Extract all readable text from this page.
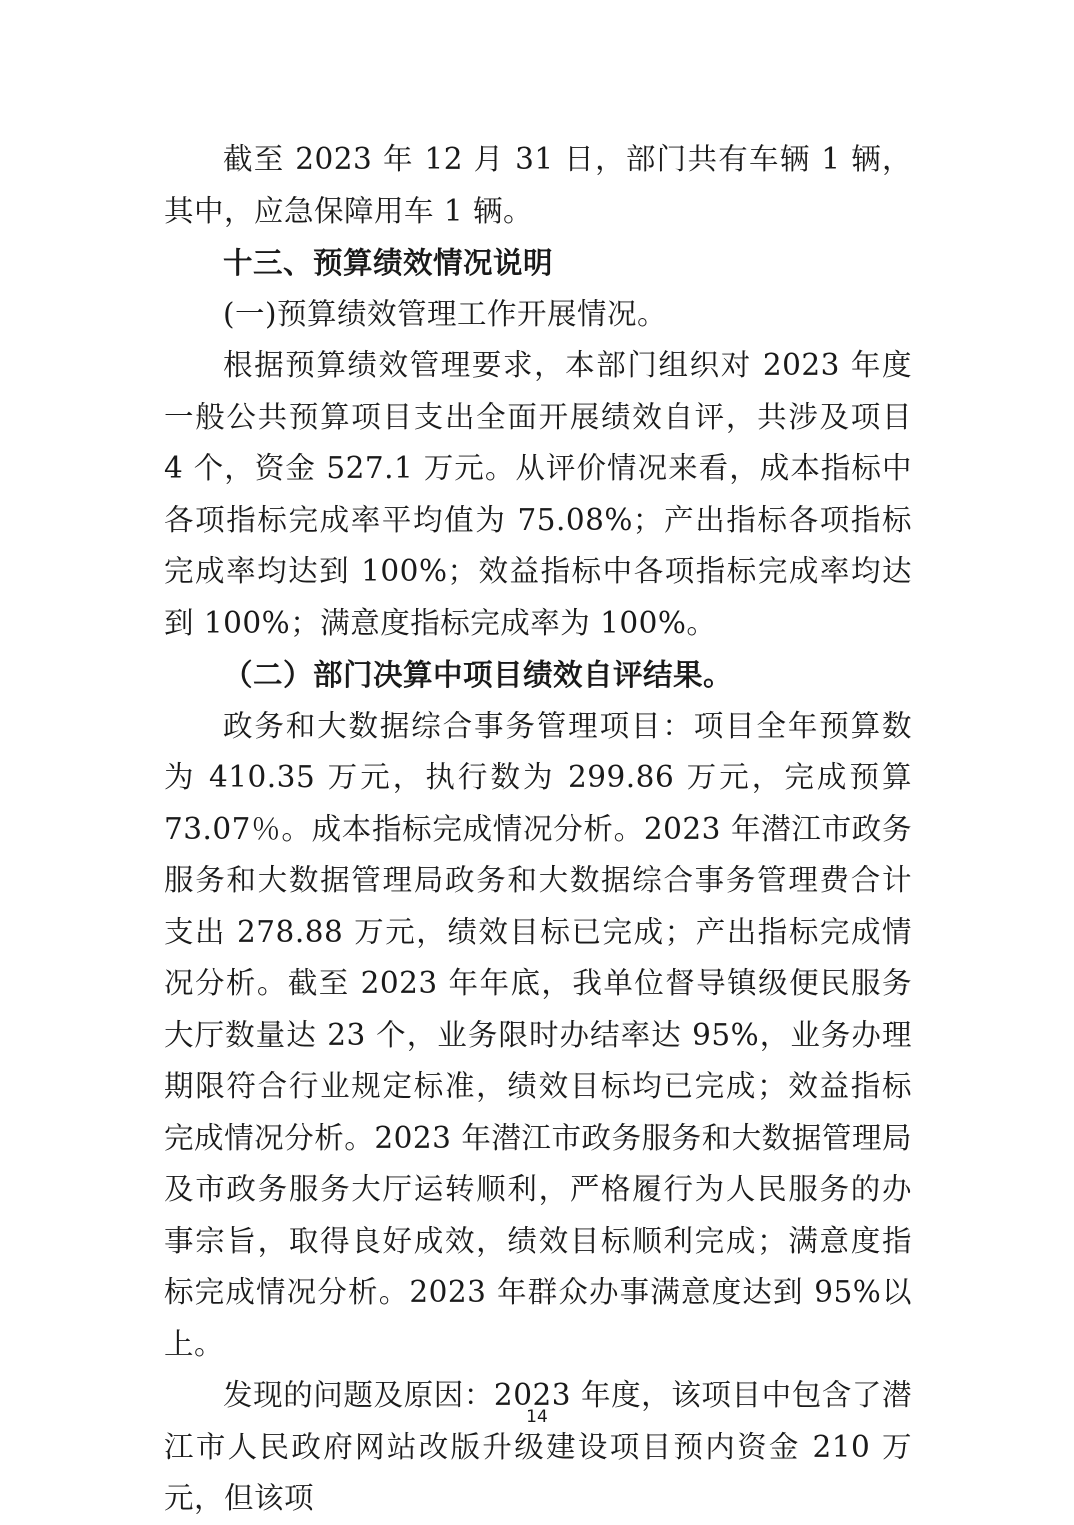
截至 2023 年 12 月 31 日，部门共有车辆 1 辆，其中，应急保障用车 1 辆。

十三、预算绩效情况说明

(一)预算绩效管理工作开展情况。

根据预算绩效管理要求，本部门组织对 2023 年度一般公共预算项目支出全面开展绩效自评，共涉及项目 4 个，资金 527.1 万元。从评价情况来看，成本指标中各项指标完成率平均值为 75.08%；产出指标各项指标完成率均达到 100%；效益指标中各项指标完成率均达到 100%；满意度指标完成率为 100%。

（二）部门决算中项目绩效自评结果。

政务和大数据综合事务管理项目：项目全年预算数为 410.35 万元，执行数为 299.86 万元，完成预算 73.07％。成本指标完成情况分析。2023 年潜江市政务服务和大数据管理局政务和大数据综合事务管理费合计支出 278.88 万元，绩效目标已完成；产出指标完成情况分析。截至 2023 年年底，我单位督导镇级便民服务大厅数量达 23 个，业务限时办结率达 95%，业务办理期限符合行业规定标准，绩效目标均已完成；效益指标完成情况分析。2023 年潜江市政务服务和大数据管理局及市政务服务大厅运转顺利，严格履行为人民服务的办事宗旨，取得良好成效，绩效目标顺利完成；满意度指标完成情况分析。2023 年群众办事满意度达到 95%以上。

发现的问题及原因：2023 年度，该项目中包含了潜江市人民政府网站改版升级建设项目预内资金 210 万元，但该项

14
